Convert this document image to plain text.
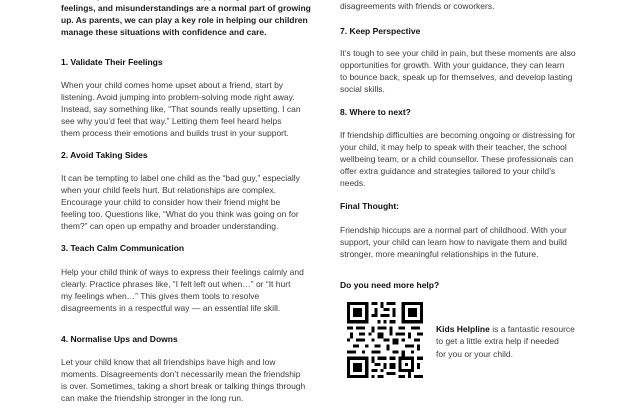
feelings, and misunderstandings are a normal part of growing

up. As parents, we can play a key role in helping our children

manage these situations with confidence and care.

1. Validate Their Feelings

When your child comes home upset about a friend, start by

listening. Avoid jumping into problem-solving mode right away.

Instead, say something like, “That sounds really upsetting. I can

see why you’d feel that way.” Letting them feel heard helps

them process their emotions and builds trust in your support.

2. Avoid Taking Sides

It can be tempting to label one child as the “bad guy,” especially

when your child feels hurt. But relationships are complex.

Encourage your child to consider how their friend might be

feeling too. Questions like, “What do you think was going on for

them?” can open up empathy and broader understanding.

3. Teach Calm Communication

Help your child think of ways to express their feelings calmly and

clearly. Practice phrases like, “I felt left out when…” or “It hurt

my feelings when…” This gives them tools to resolve

disagreements in a respectful way — an essential life skill.

4. Normalise Ups and Downs

Let your child know that all friendships have high and low

moments. Disagreements don’t necessarily mean the friendship

is over. Sometimes, taking a short break or talking things through

can make the friendship stronger in the long run.

disagreements with friends or coworkers.

7. Keep Perspective

It’s tough to see your child in pain, but these moments are also

opportunities for growth. With your guidance, they can learn

to bounce back, speak up for themselves, and develop lasting

social skills.

8. Where to next?

If friendship difficulties are becoming ongoing or distressing for

your child, it may help to speak with their teacher, the school

wellbeing team, or a child counsellor. These professionals can

offer extra guidance and strategies tailored to your child’s

needs.

Final Thought:

Friendship hiccups are a normal part of childhood. With your

support, your child can learn how to navigate them and build

stronger, more meaningful relationships in the future.

Do you need more help?

Kids Helpline is a fantastic resource
to get a little extra help if needed
for you or your child.
